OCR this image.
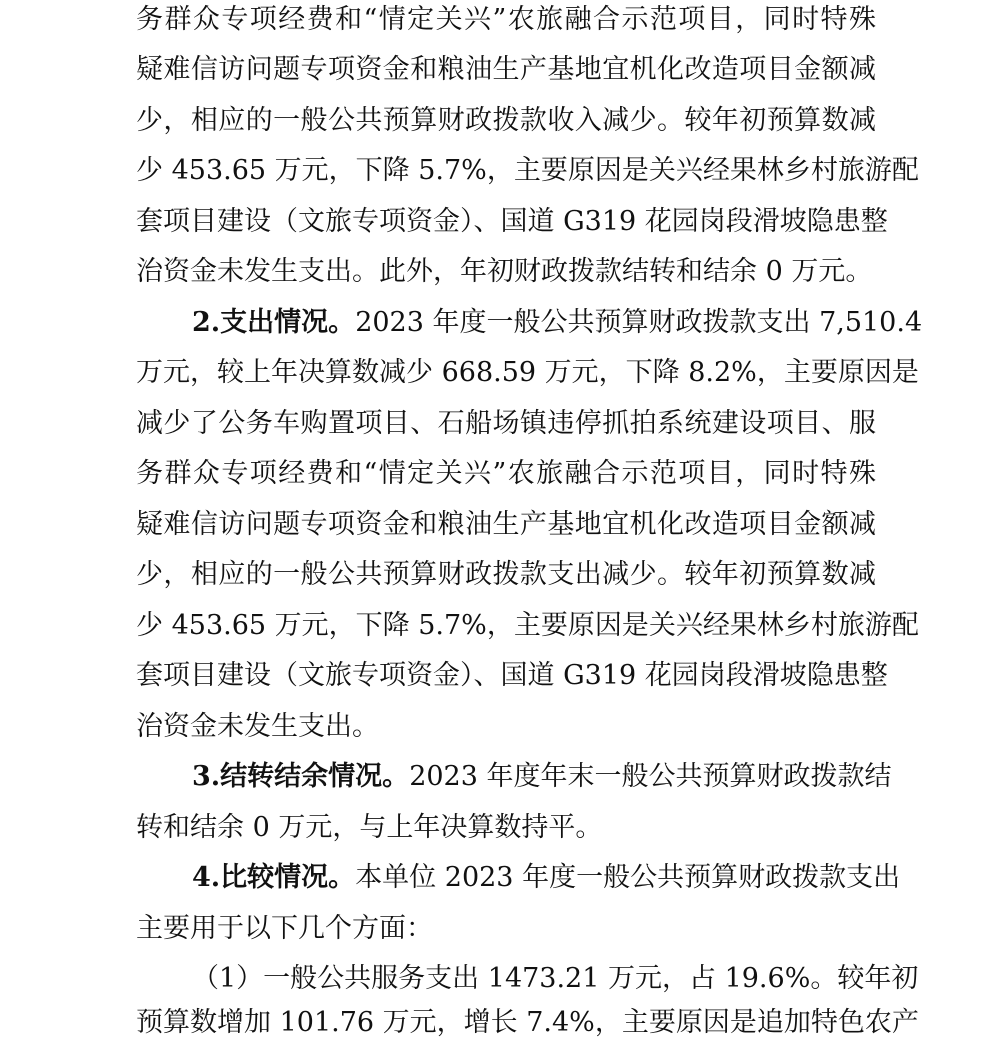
务群众专项经费和“情定关兴”农旅融合示范项目，同时特殊
疑难信访问题专项资金和粮油生产基地宜机化改造项目金额减
少，相应的一般公共预算财政拨款收入减少。较年初预算数减
少 453.65 万元，下降 5.7%，主要原因是关兴经果林乡村旅游配
套项目建设（文旅专项资金）、国道 G319 花园岗段滑坡隐患整
治资金未发生支出。此外，年初财政拨款结转和结余 0 万元。
2.支出情况。2023 年度一般公共预算财政拨款支出 7,510.4
万元，较上年决算数减少 668.59 万元，下降 8.2%，主要原因是
减少了公务车购置项目、石船场镇违停抓拍系统建设项目、服
务群众专项经费和“情定关兴”农旅融合示范项目，同时特殊
疑难信访问题专项资金和粮油生产基地宜机化改造项目金额减
少，相应的一般公共预算财政拨款支出减少。较年初预算数减
少 453.65 万元，下降 5.7%，主要原因是关兴经果林乡村旅游配
套项目建设（文旅专项资金）、国道 G319 花园岗段滑坡隐患整
治资金未发生支出。
3.结转结余情况。2023 年度年末一般公共预算财政拨款结
转和结余 0 万元，与上年决算数持平。
4.比较情况。本单位 2023 年度一般公共预算财政拨款支出
主要用于以下几个方面：
（1）一般公共服务支出 1473.21 万元，占 19.6%。较年初
预算数增加 101.76 万元，增长 7.4%，主要原因是追加特色农产
